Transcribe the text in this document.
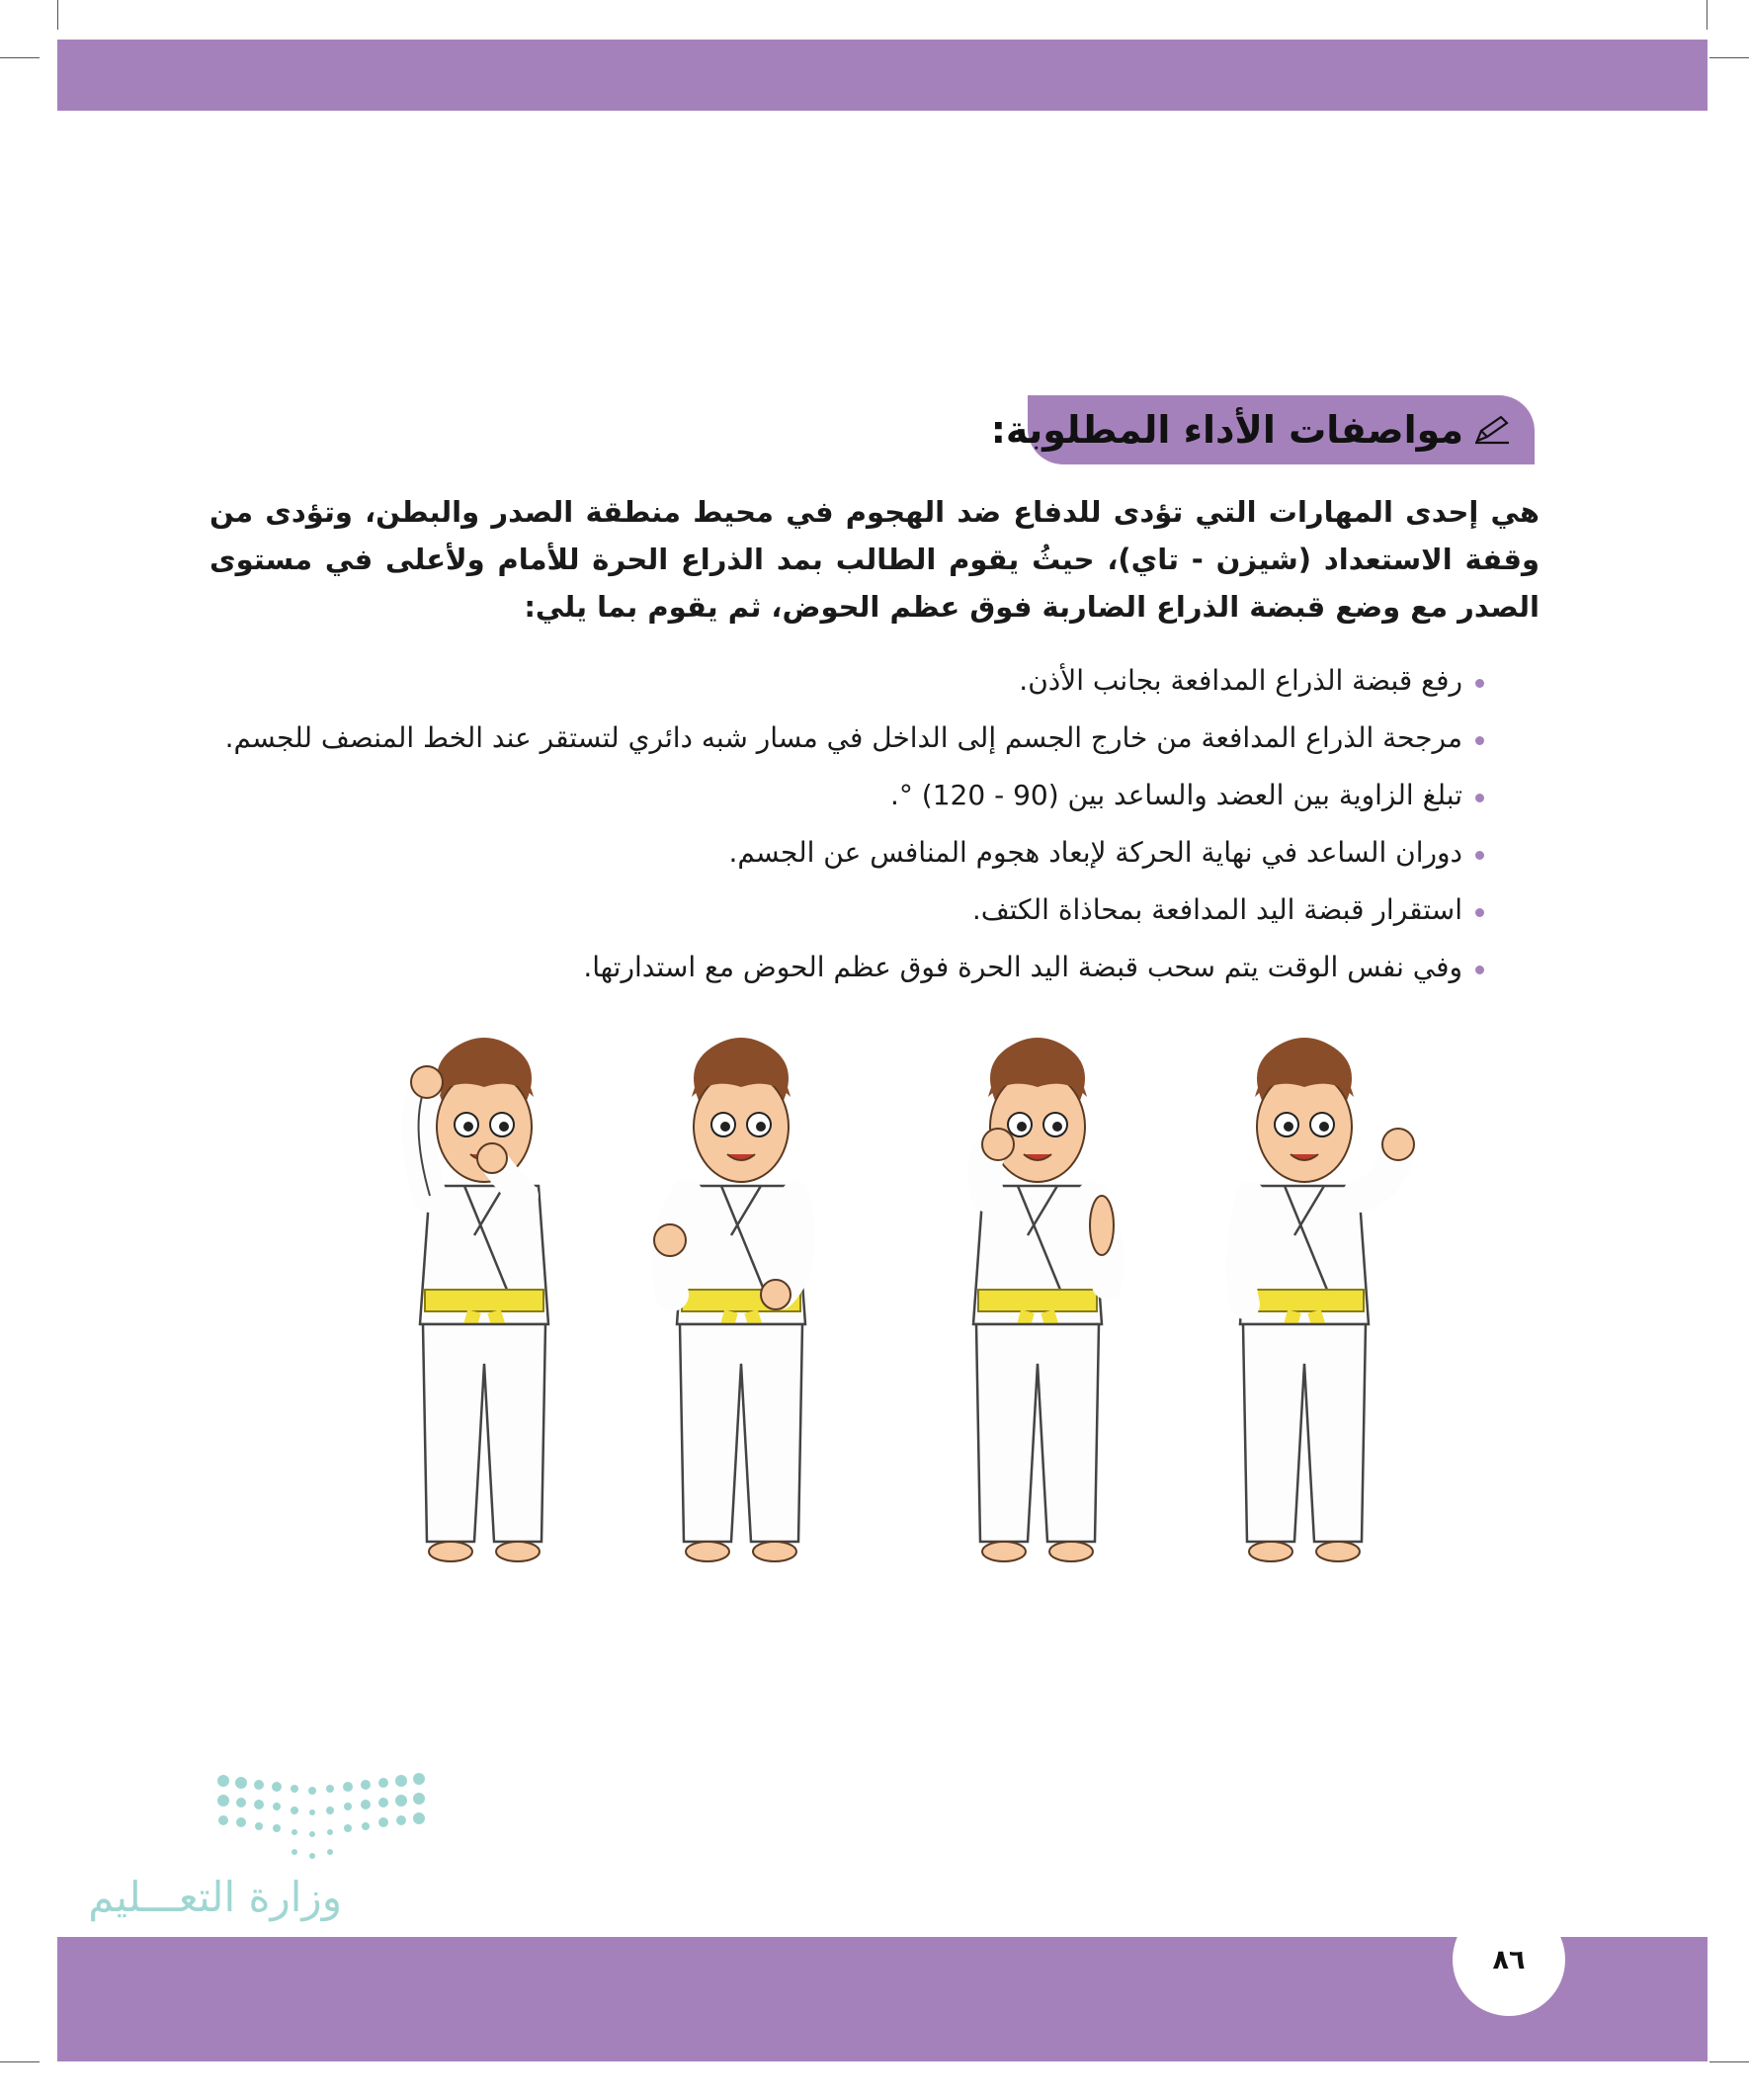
مواصفات الأداء المطلوبة:
هي إحدى المهارات التي تؤدى للدفاع ضد الهجوم في محيط منطقة الصدر والبطن، وتؤدى من وقفة الاستعداد (شيزن - تاي)، حيثُ يقوم الطالب بمد الذراع الحرة للأمام ولأعلى في مستوى الصدر مع وضع قبضة الذراع الضاربة فوق عظم الحوض، ثم يقوم بما يلي:
رفع قبضة الذراع المدافعة بجانب الأذن.
مرجحة الذراع المدافعة من خارج الجسم إلى الداخل في مسار شبه دائري لتستقر عند الخط المنصف للجسم.
تبلغ الزاوية بين العضد والساعد بين (90 - 120) °.
دوران الساعد في نهاية الحركة لإبعاد هجوم المنافس عن الجسم.
استقرار قبضة اليد المدافعة بمحاذاة الكتف.
وفي نفس الوقت يتم سحب قبضة اليد الحرة فوق عظم الحوض مع استدارتها.
وزارة التعـــليم
٨٦
